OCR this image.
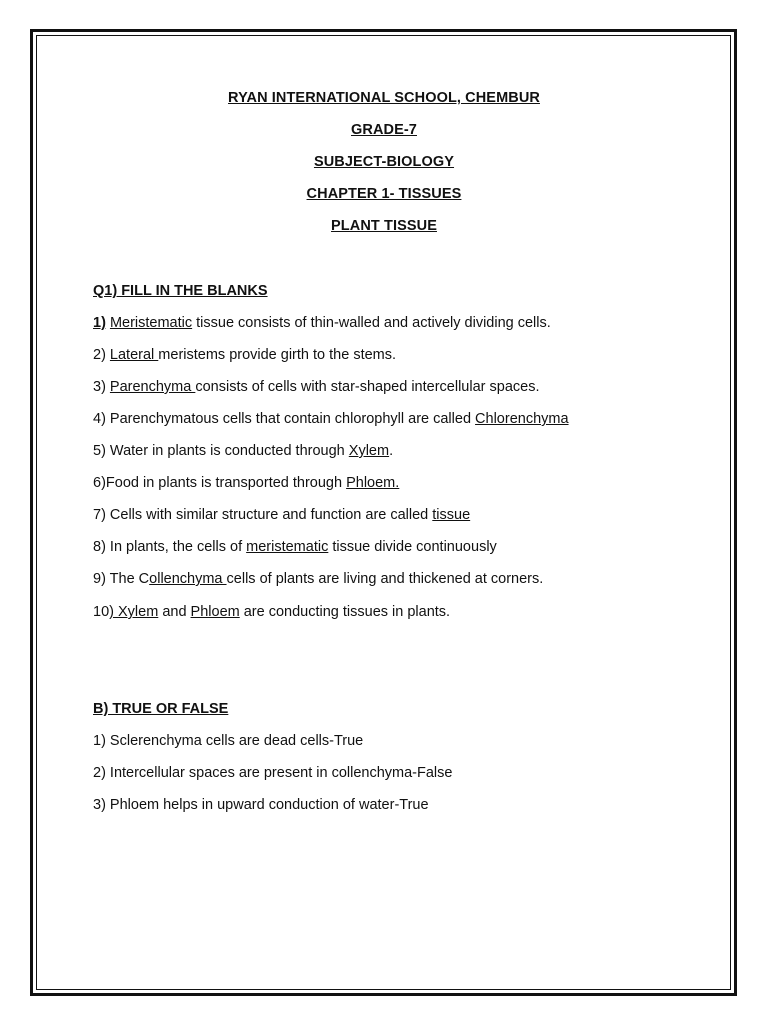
RYAN INTERNATIONAL SCHOOL, CHEMBUR
GRADE-7
SUBJECT-BIOLOGY
CHAPTER 1- TISSUES
PLANT TISSUE
Q1) FILL IN THE BLANKS
1) Meristematic tissue consists of thin-walled and actively dividing cells.
2) Lateral meristems provide girth to the stems.
3) Parenchyma consists of cells with star-shaped intercellular spaces.
4) Parenchymatous cells that contain chlorophyll are called Chlorenchyma
5) Water in plants is conducted through Xylem.
6)Food in plants is transported through Phloem.
7) Cells with similar structure and function are called tissue
8) In plants, the cells of meristematic tissue divide continuously
9) The Collenchyma cells of plants are living and thickened at corners.
10) Xylem and Phloem are conducting tissues in plants.
B) TRUE OR FALSE
1) Sclerenchyma cells are dead cells-True
2) Intercellular spaces are present in collenchyma-False
3) Phloem helps in upward conduction of water-True
